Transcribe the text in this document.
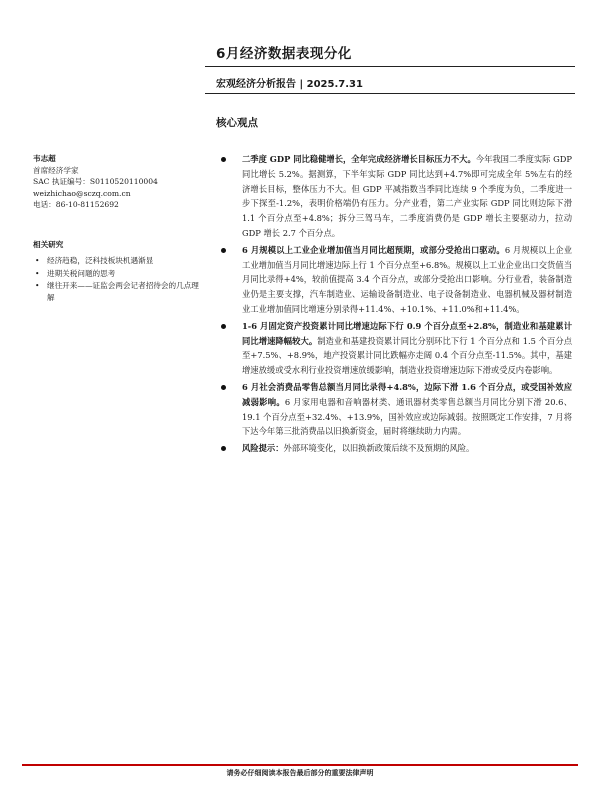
6月经济数据表现分化
宏观经济分析报告 | 2025.7.31
核心观点
韦志超
首席经济学家
SAC 执证编号：S0110520110004
weizhichao@sczq.com.cn
电话：86-10-81152692
相关研究
• 经济趋稳，泛科技板块机遇渐显
• 进期关税问题的思考
• 继往开来——证监会两会记者招待会的几点理解
二季度 GDP 同比稳健增长，全年完成经济增长目标压力不大。今年我国二季度实际 GDP 同比增长 5.2%。据测算，下半年实际 GDP 同比达到+4.7%即可完成全年 5%左右的经济增长目标，整体压力不大。但 GDP 平减指数当季同比连续 9 个季度为负，二季度进一步下探至-1.2%，表明价格端仍有压力。分产业看，第二产业实际 GDP 同比则边际下滑 1.1 个百分点至+4.8%；拆分三驾马车，二季度消费仍是 GDP 增长主要驱动力，拉动 GDP 增长 2.7 个百分点。
6 月规模以上工业企业增加值当月同比超预期，或部分受抢出口驱动。6 月规模以上企业工业增加值当月同比增速边际上行 1 个百分点至+6.8%。规模以上工业企业出口交货值当月同比录得+4%，较前值提高 3.4 个百分点，或部分受抢出口影响。分行业看，装备制造业仍是主要支撑，汽车制造业、运输设备制造业、电子设备制造业、电器机械及器材制造业工业增加值同比增速分别录得+11.4%、+10.1%、+11.0%和+11.4%。
1-6 月固定资产投资累计同比增速边际下行 0.9 个百分点至+2.8%，制造业和基建累计同比增速降幅较大。制造业和基建投资累计同比分别环比下行 1 个百分点和 1.5 个百分点至+7.5%、+8.9%，地产投资累计同比跌幅亦走阔 0.4 个百分点至-11.5%。其中，基建增速放缓或受水利行业投资增速放缓影响，制造业投资增速边际下滑或受反内卷影响。
6 月社会消费品零售总额当月同比录得+4.8%，边际下滑 1.6 个百分点，或受国补效应减弱影响。6 月家用电器和音响器材类、通讯器材类零售总额当月同比分别下滑 20.6、19.1 个百分点至+32.4%、+13.9%，国补效应或边际减弱。按照既定工作安排，7 月将下达今年第三批消费品以旧换新资金，届时将继续助力内需。
风险提示：外部环境变化，以旧换新政策后续不及预期的风险。
请务必仔细阅读本报告最后部分的重要法律声明
